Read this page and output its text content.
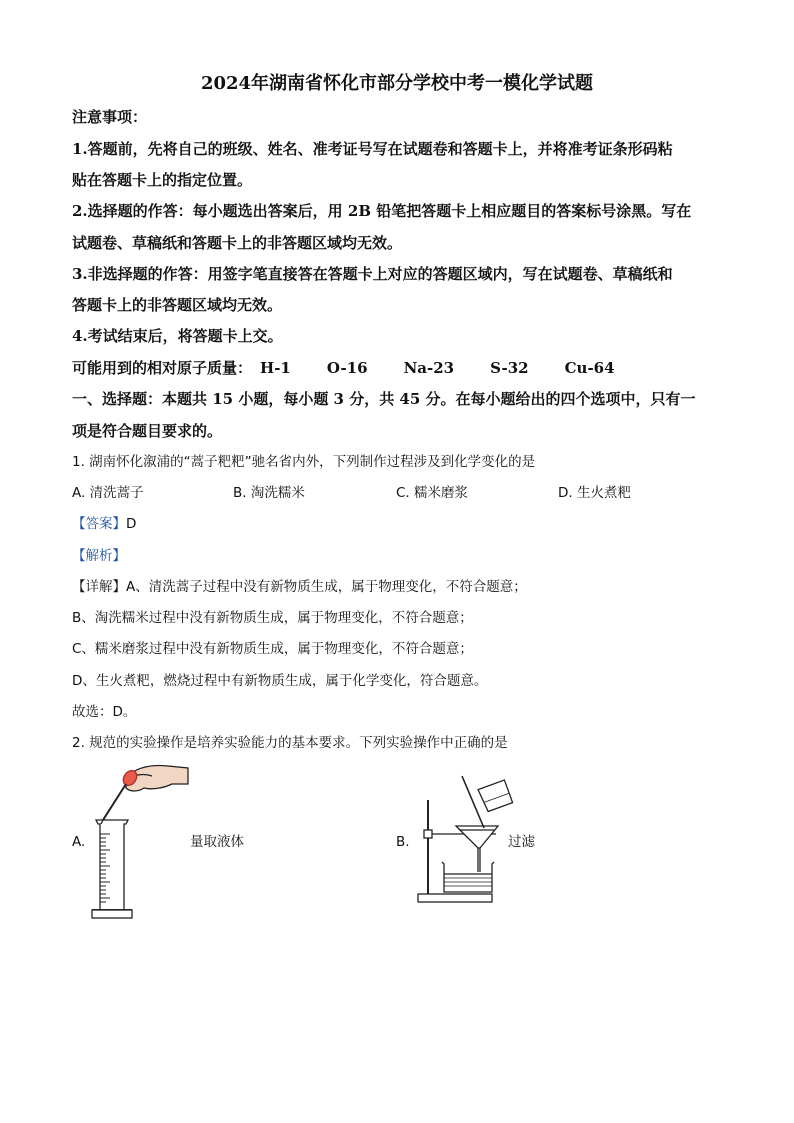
2024年湖南省怀化市部分学校中考一模化学试题
注意事项：
1.答题前，先将自己的班级、姓名、准考证号写在试题卷和答题卡上，并将准考证条形码粘
贴在答题卡上的指定位置。
2.选择题的作答：每小题选出答案后，用 2B 铅笔把答题卡上相应题目的答案标号涂黑。写在
试题卷、草稿纸和答题卡上的非答题区域均无效。
3.非选择题的作答：用签字笔直接答在答题卡上对应的答题区域内，写在试题卷、草稿纸和
答题卡上的非答题区域均无效。
4.考试结束后，将答题卡上交。
可能用到的相对原子质量： H-1 O-16 Na-23 S-32 Cu-64
一、选择题：本题共 15 小题，每小题 3 分，共 45 分。在每小题给出的四个选项中，只有一
项是符合题目要求的。
1. 湖南怀化溆浦的“蒿子粑粑”驰名省内外，下列制作过程涉及到化学变化的是
A. 清洗蒿子	B. 淘洗糯米	C. 糯米磨浆	D. 生火煮粑
【答案】D
【解析】
【详解】A、清洗蒿子过程中没有新物质生成，属于物理变化，不符合题意；
B、淘洗糯米过程中没有新物质生成，属于物理变化，不符合题意；
C、糯米磨浆过程中没有新物质生成，属于物理变化，不符合题意；
D、生火煮粑，燃烧过程中有新物质生成，属于化学变化，符合题意。
故选：D。
2. 规范的实验操作是培养实验能力的基本要求。下列实验操作中正确的是
A.	量取液体	B.	过滤
